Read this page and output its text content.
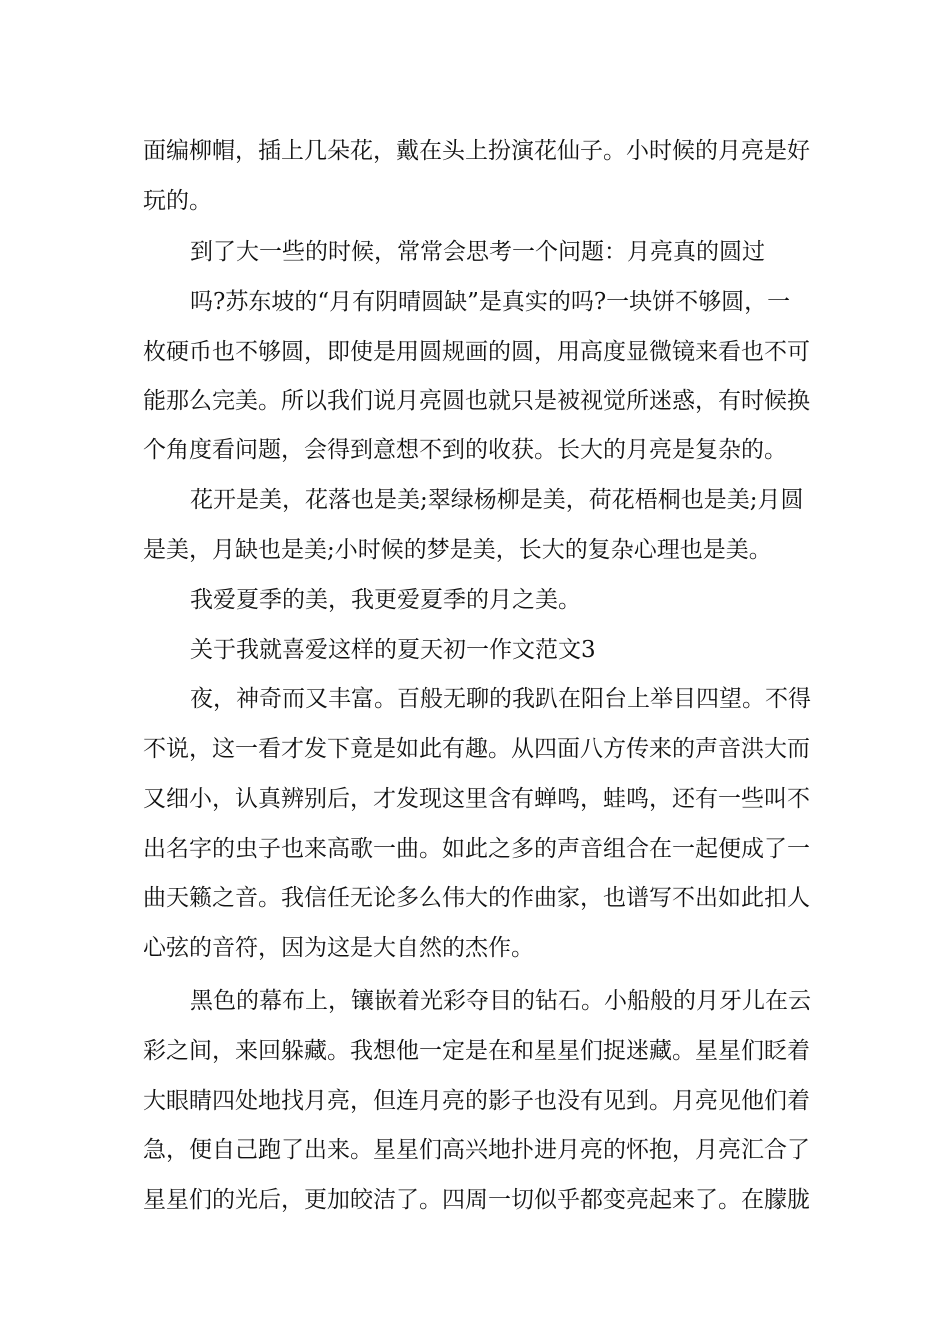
面编柳帽，插上几朵花，戴在头上扮演花仙子。小时候的月亮是好
玩的。
到了大一些的时候，常常会思考一个问题：月亮真的圆过
吗?苏东坡的“月有阴晴圆缺”是真实的吗?一块饼不够圆，一
枚硬币也不够圆，即使是用圆规画的圆，用高度显微镜来看也不可
能那么完美。所以我们说月亮圆也就只是被视觉所迷惑，有时候换
个角度看问题，会得到意想不到的收获。长大的月亮是复杂的。
花开是美，花落也是美;翠绿杨柳是美，荷花梧桐也是美;月圆
是美，月缺也是美;小时候的梦是美，长大的复杂心理也是美。
我爱夏季的美，我更爱夏季的月之美。
关于我就喜爱这样的夏天初一作文范文3
夜，神奇而又丰富。百般无聊的我趴在阳台上举目四望。不得
不说，这一看才发下竟是如此有趣。从四面八方传来的声音洪大而
又细小，认真辨别后，才发现这里含有蝉鸣，蛙鸣，还有一些叫不
出名字的虫子也来高歌一曲。如此之多的声音组合在一起便成了一
曲天籁之音。我信任无论多么伟大的作曲家，也谱写不出如此扣人
心弦的音符，因为这是大自然的杰作。
黑色的幕布上，镶嵌着光彩夺目的钻石。小船般的月牙儿在云
彩之间，来回躲藏。我想他一定是在和星星们捉迷藏。星星们眨着
大眼睛四处地找月亮，但连月亮的影子也没有见到。月亮见他们着
急，便自己跑了出来。星星们高兴地扑进月亮的怀抱，月亮汇合了
星星们的光后，更加皎洁了。四周一切似乎都变亮起来了。在朦胧
